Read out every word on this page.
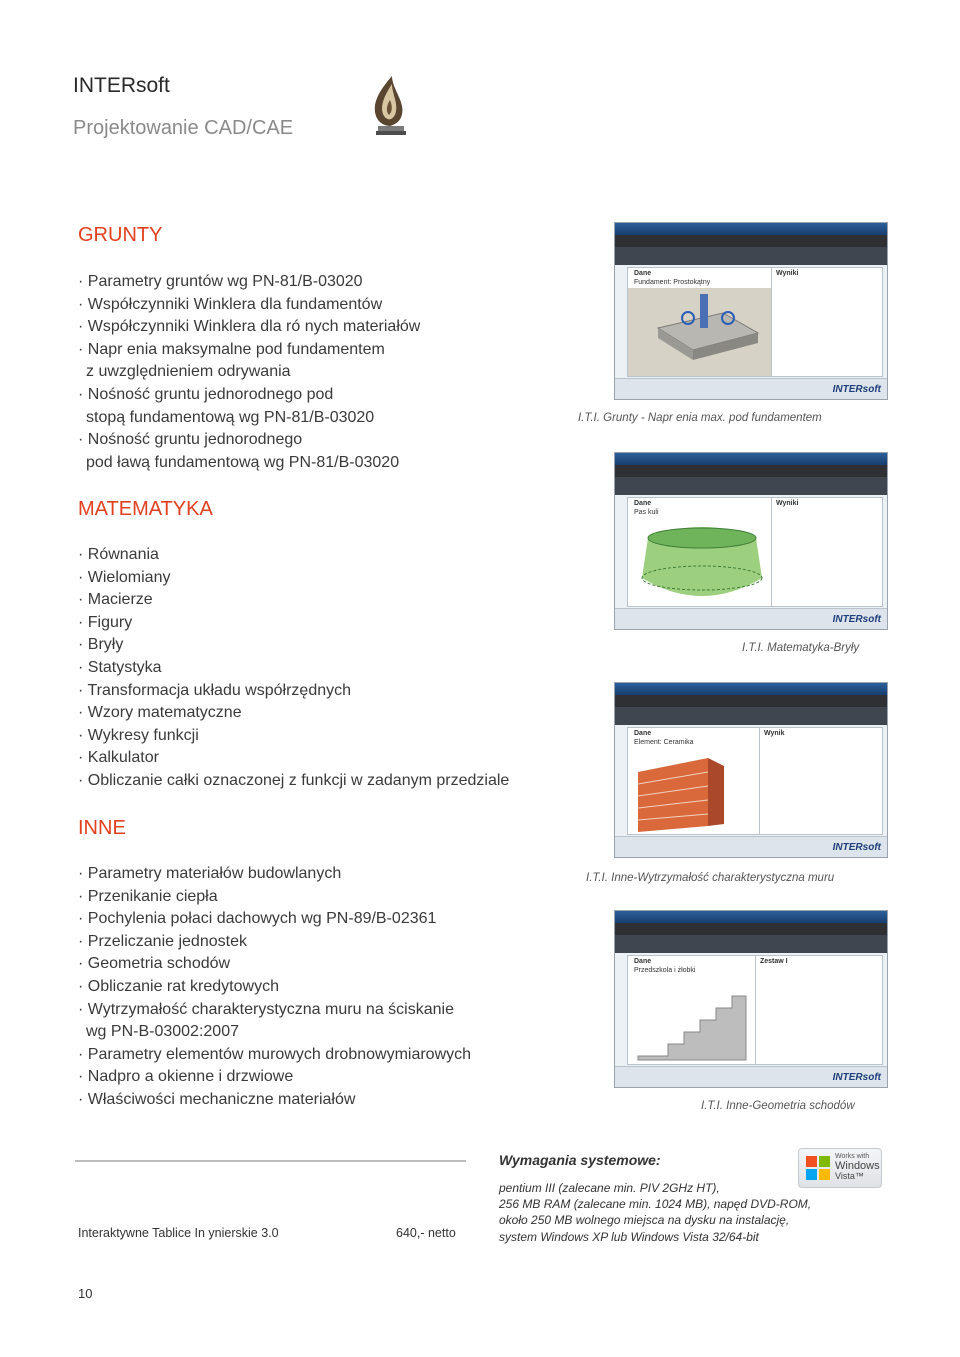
INTERsoft
Projektowanie CAD/CAE
GRUNTY
· Parametry gruntów wg PN-81/B-03020
· Współczynniki Winklera dla fundamentów
· Współczynniki Winklera dla ró nych materiałów
· Napr enia maksymalne pod fundamentem
z uwzględnieniem odrywania
· Nośność gruntu jednorodnego pod
stopą fundamentową wg PN-81/B-03020
· Nośność gruntu jednorodnego
pod ławą fundamentową wg PN-81/B-03020
MATEMATYKA
· Równania
· Wielomiany
· Macierze
· Figury
· Bryły
· Statystyka
· Transformacja układu współrzędnych
· Wzory matematyczne
· Wykresy funkcji
· Kalkulator
· Obliczanie całki oznaczonej z funkcji w zadanym przedziale
INNE
· Parametry materiałów budowlanych
· Przenikanie ciepła
· Pochylenia połaci dachowych wg PN-89/B-02361
· Przeliczanie jednostek
· Geometria schodów
· Obliczanie rat kredytowych
· Wytrzymałość charakterystyczna muru na ściskanie
wg PN-B-03002:2007
· Parametry elementów murowych drobnowymiarowych
· Nadpro a okienne i drzwiowe
· Właściwości mechaniczne materiałów
Dane
Fundament: Prostokątny
Wyniki
INTERsoft
I.T.I. Grunty - Napr enia max. pod fundamentem
Dane
Pas kuli
Wyniki
INTERsoft
I.T.I. Matematyka-Bryły
Dane
Element: Ceramika
Wynik
INTERsoft
I.T.I. Inne-Wytrzymałość charakterystyczna muru
Dane
Przedszkola i żłobki
Zestaw I
INTERsoft
I.T.I. Inne-Geometria schodów
Wymagania systemowe:
pentium III (zalecane min. PIV 2GHz HT),
256 MB RAM (zalecane min. 1024 MB), napęd DVD-ROM,
około 250 MB wolnego miejsca na dysku na instalację,
system Windows XP lub Windows Vista 32/64-bit
Works with
Windows
Vista™
Interaktywne Tablice In ynierskie 3.0	640,- netto
10
